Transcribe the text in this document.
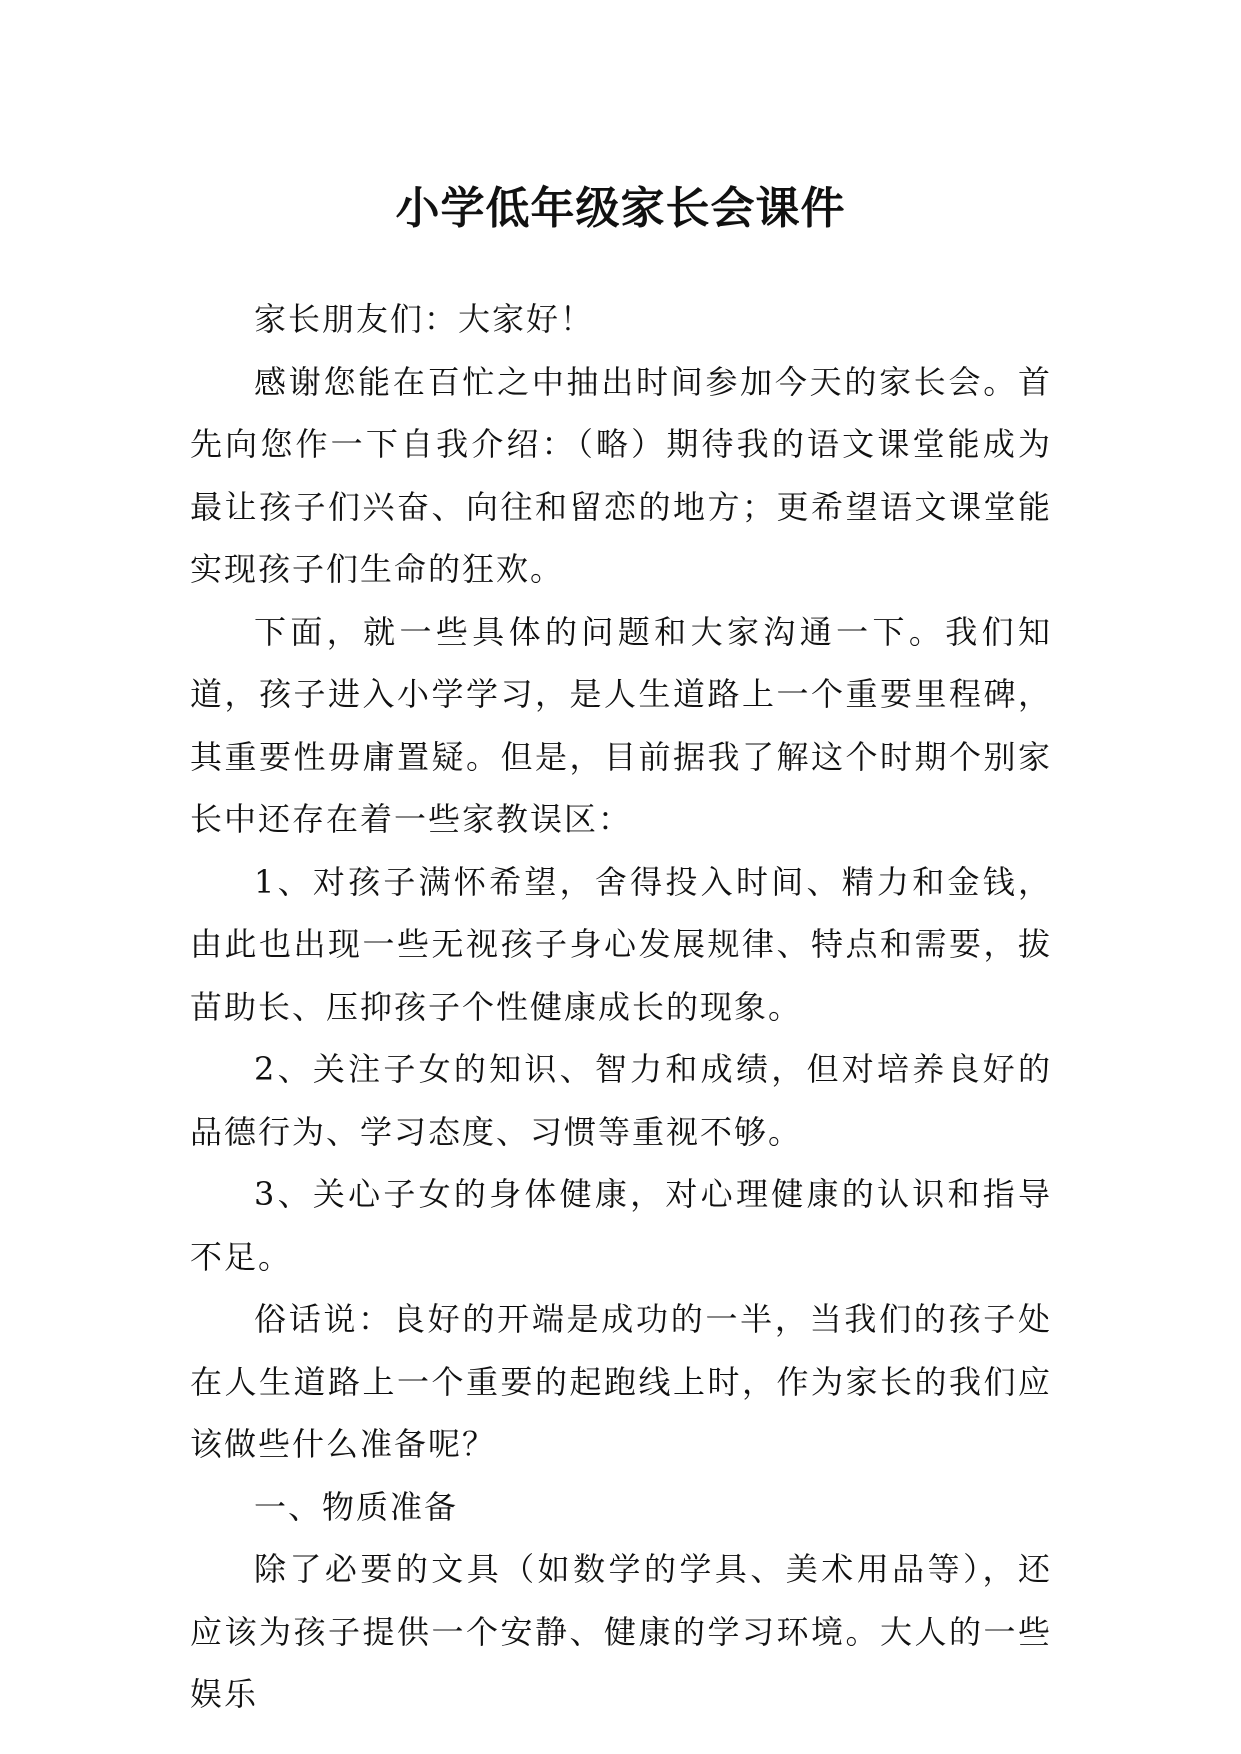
小学低年级家长会课件

家长朋友们：大家好！

感谢您能在百忙之中抽出时间参加今天的家长会。首先向您作一下自我介绍：（略）期待我的语文课堂能成为最让孩子们兴奋、向往和留恋的地方；更希望语文课堂能实现孩子们生命的狂欢。

下面，就一些具体的问题和大家沟通一下。我们知道，孩子进入小学学习，是人生道路上一个重要里程碑，其重要性毋庸置疑。但是，目前据我了解这个时期个别家长中还存在着一些家教误区：

1、对孩子满怀希望，舍得投入时间、精力和金钱，由此也出现一些无视孩子身心发展规律、特点和需要，拔苗助长、压抑孩子个性健康成长的现象。

2、关注子女的知识、智力和成绩，但对培养良好的品德行为、学习态度、习惯等重视不够。

3、关心子女的身体健康，对心理健康的认识和指导不足。

俗话说：良好的开端是成功的一半，当我们的孩子处在人生道路上一个重要的起跑线上时，作为家长的我们应该做些什么准备呢？

一、物质准备

除了必要的文具（如数学的学具、美术用品等），还应该为孩子提供一个安静、健康的学习环境。大人的一些娱乐
